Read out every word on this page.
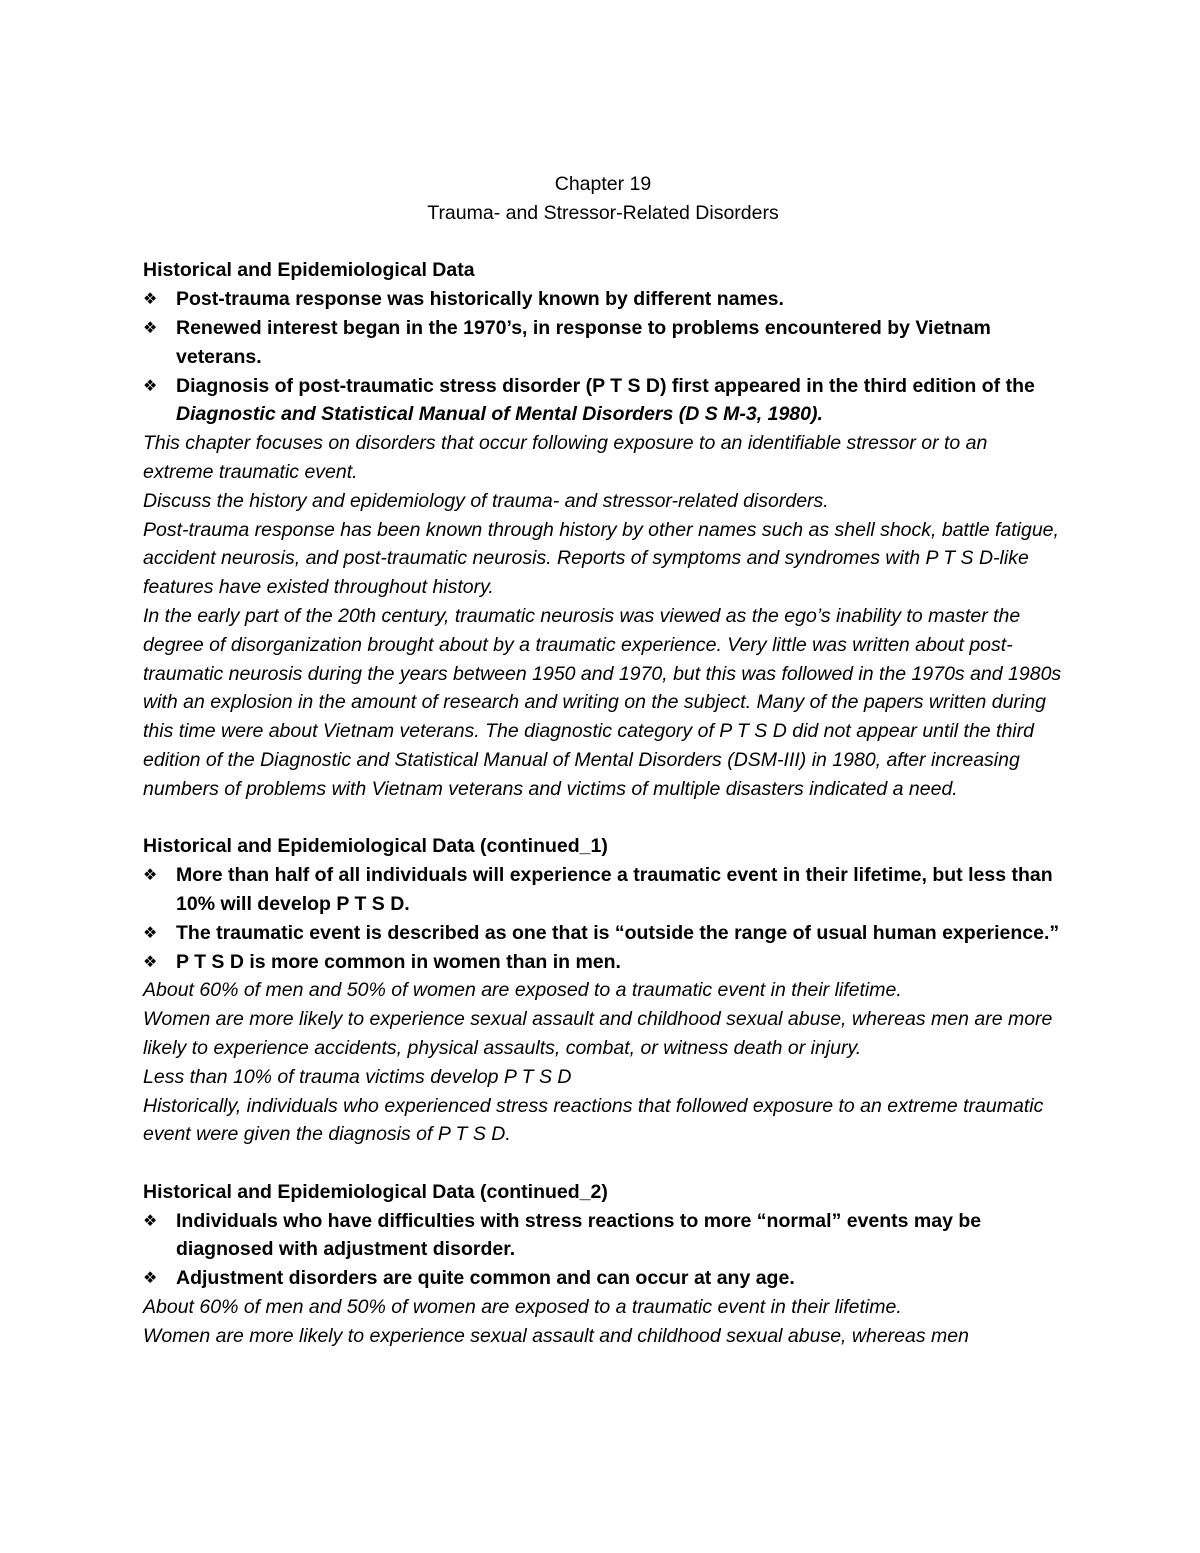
Chapter 19
Trauma- and Stressor-Related Disorders
Historical and Epidemiological Data
❖ Post-trauma response was historically known by different names.
❖ Renewed interest began in the 1970’s, in response to problems encountered by Vietnam veterans.
❖ Diagnosis of post-traumatic stress disorder (P T S D) first appeared in the third edition of the
Diagnostic and Statistical Manual of Mental Disorders (D S M-3, 1980).
This chapter focuses on disorders that occur following exposure to an identifiable stressor or to an extreme traumatic event.
Discuss the history and epidemiology of trauma- and stressor-related disorders.
Post-trauma response has been known through history by other names such as shell shock, battle fatigue, accident neurosis, and post-traumatic neurosis. Reports of symptoms and syndromes with P T S D-like features have existed throughout history.
In the early part of the 20th century, traumatic neurosis was viewed as the ego’s inability to master the degree of disorganization brought about by a traumatic experience. Very little was written about post-traumatic neurosis during the years between 1950 and 1970, but this was followed in the 1970s and 1980s with an explosion in the amount of research and writing on the subject. Many of the papers written during this time were about Vietnam veterans. The diagnostic category of P T S D did not appear until the third edition of the Diagnostic and Statistical Manual of Mental Disorders (DSM-III) in 1980, after increasing numbers of problems with Vietnam veterans and victims of multiple disasters indicated a need.
Historical and Epidemiological Data (continued_1)
❖ More than half of all individuals will experience a traumatic event in their lifetime, but less than 10% will develop P T S D.
❖ The traumatic event is described as one that is “outside the range of usual human experience.”
❖ P T S D is more common in women than in men.
About 60% of men and 50% of women are exposed to a traumatic event in their lifetime.
Women are more likely to experience sexual assault and childhood sexual abuse, whereas men are more likely to experience accidents, physical assaults, combat, or witness death or injury.
Less than 10% of trauma victims develop P T S D
Historically, individuals who experienced stress reactions that followed exposure to an extreme traumatic event were given the diagnosis of P T S D.
Historical and Epidemiological Data (continued_2)
❖ Individuals who have difficulties with stress reactions to more “normal” events may be diagnosed with adjustment disorder.
❖ Adjustment disorders are quite common and can occur at any age.
About 60% of men and 50% of women are exposed to a traumatic event in their lifetime.
Women are more likely to experience sexual assault and childhood sexual abuse, whereas men
